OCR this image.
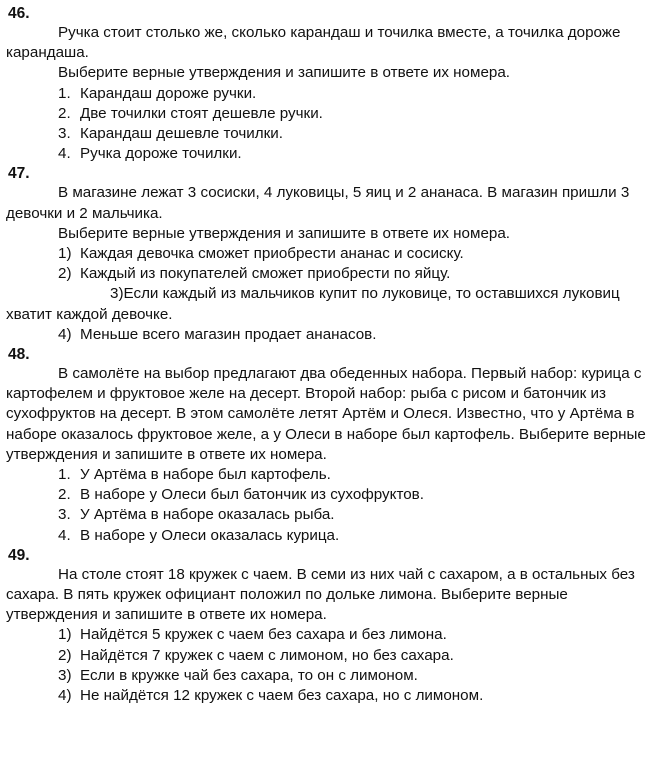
46.

Ручка стоит столько же, сколько карандаш и точилка вместе, а точилка дороже карандаша.

Выберите верные утверждения и запишите в ответе их номера.

1. Карандаш дороже ручки.
2. Две точилки стоят дешевле ручки.
3. Карандаш дешевле точилки.
4. Ручка дороже точилки.
47.

В магазине лежат 3 сосиски, 4 луковицы, 5 яиц и 2 ананаса. В магазин пришли 3 девочки и 2 мальчика.

Выберите верные утверждения и запишите в ответе их номера.

1) Каждая девочка сможет приобрести ананас и сосиску.
2) Каждый из покупателей сможет приобрести по яйцу.
3)Если каждый из мальчиков купит по луковице, то оставшихся луковиц хватит каждой девочке.
4) Меньше всего магазин продает ананасов.
48.

В самолёте на выбор предлагают два обеденных набора. Первый набор: курица с картофелем и фруктовое желе на десерт. Второй набор: рыба с рисом и батончик из сухофруктов на десерт. В этом самолёте летят Артём и Олеся. Известно, что у Артёма в наборе оказалось фруктовое желе, а у Олеси в наборе был картофель. Выберите верные утверждения и запишите в ответе их номера.

1. У Артёма в наборе был картофель.
2. В наборе у Олеси был батончик из сухофруктов.
3. У Артёма в наборе оказалась рыба.
4. В наборе у Олеси оказалась курица.
49.

На столе стоят 18 кружек с чаем. В семи из них чай с сахаром, а в остальных без сахара. В пять кружек официант положил по дольке лимона. Выберите верные утверждения и запишите в ответе их номера.

1) Найдётся 5 кружек с чаем без сахара и без лимона.
2) Найдётся 7 кружек с чаем с лимоном, но без сахара.
3) Если в кружке чай без сахара, то он с лимоном.
4) Не найдётся 12 кружек с чаем без сахара, но с лимоном.
